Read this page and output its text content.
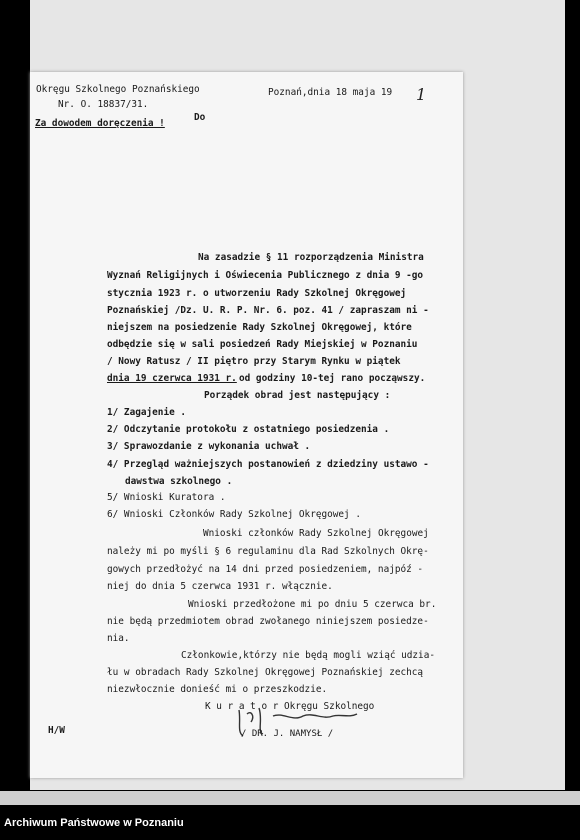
Okręgu Szkolnego Poznańskiego
Nr. O. 18837/31.
Za dowodem doręczenia !
Poznań,dnia 18 maja 19 1
Do
Na zasadzie § 11 rozporządzenia Ministra
Wyznań Religijnych i Oświecenia Publicznego z dnia 9 -go
stycznia 1923 r. o utworzeniu Rady Szkolnej Okręgowej
Poznańskiej /Dz. U. R. P. Nr. 6. poz. 41 / zapraszam ni -
niejszem na posiedzenie Rady Szkolnej Okręgowej, które
odbędzie się w sali posiedzeń Rady Miejskiej w Poznaniu
/ Nowy Ratusz / II piętro przy Starym Rynku w piątek
dnia 19 czerwca 1931 r. od godziny 10-tej rano począwszy.
Porządek obrad jest następujący :
1/ Zagajenie .
2/ Odczytanie protokołu z ostatniego posiedzenia .
3/ Sprawozdanie z wykonania uchwał .
4/ Przegląd ważniejszych postanowień z dziedziny ustawo -
dawstwa szkolnego .
5/ Wnioski Kuratora .
6/ Wnioski Członków Rady Szkolnej Okręgowej .
Wnioski członków Rady Szkolnej Okręgowej
należy mi po myśli § 6 regulaminu dla Rad Szkolnych Okrę-
gowych przedłożyć na 14 dni przed posiedzeniem, najpóź -
niej do dnia 5 czerwca 1931 r. włącznie.
Wnioski przedłożone mi po dniu 5 czerwca br.
nie będą przedmiotem obrad zwołanego niniejszem posiedze-
nia.
Członkowie,którzy nie będą mogli wziąć udzia-
łu w obradach Rady Szkolnej Okręgowej Poznańskiej zechcą
niezwłocznie donieść mi o przeszkodzie.
K u r a t o r Okręgu Szkolnego
/ DR. J. NAMYSŁ /
H/W
Archiwum Państwowe w Poznaniu
